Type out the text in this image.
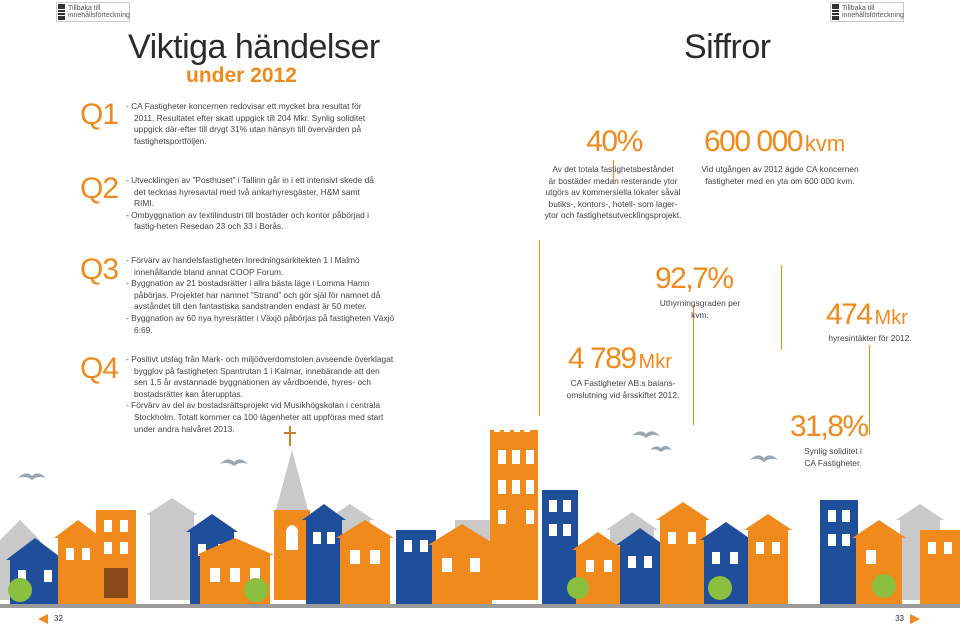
Tillbaka till
innehållsförteckning
Tillbaka till
innehållsförteckning
Viktiga händelser
under 2012
Q1 - CA Fastigheter koncernen redovisar ett mycket bra resultat för 2011. Resultatet efter skatt uppgick till 204 Mkr. Synlig soliditet uppgick där-efter till drygt 31% utan hänsyn till övervärden på fastighetsportföljen.
Q2 - Utvecklingen av ”Posthuset” i Tallinn går in i ett intensivt skede då det tecknas hyresavtal med två ankarhyresgäster, H&M samt RIMI.
- Ombyggnation av textilindustri till bostäder och kontor påbörjad i fastig-heten Resedan 23 och 33 i Borås.
Q3 - Förvärv av handelsfastigheten Inredningsarkitekten 1 i Malmö innehållande bland annat COOP Forum.
- Byggnation av 21 bostadsrätter i allra bästa läge i Lomma Hamn påbörjas. Projektet har namnet ”Strand” och gör själ för namnet då avståndet till den fantastiska sandstranden endast är 50 meter.
- Byggnation av 60 nya hyresrätter i Växjö påbörjas på fastigheten Växjö 6:69.
Q4 - Positivt utslag från Mark- och miljööverdomstolen avseende överklagat bygglov på fastigheten Spantrutan 1 i Kalmar, innebärande att den sen 1,5 år avstannade byggnationen av vårdboende, hyres- och bostadsrätter kan återupptas.
- Förvärv av del av bostadsrättsprojekt vid Musikhögskolan i centrala Stockholm. Totalt kommer ca 100 lägenheter att uppföras med start under andra halvåret 2013.
Siffror
40%
Av det totala fastighetsbeståndet
är bostäder medan resterande ytor
utgörs av kommersiella lokaler såväl
butiks-, kontors-, hotell- som lager-
ytor och fastighetsutvecklingsprojekt.
600 000 kvm
Vid utgången av 2012 ägde CA koncernen
fastigheter med en yta om 600 000 kvm.
92,7%
Uthyrningsgraden per kvm.	474 Mkr
hyresintäkter för 2012.
4 789 Mkr
CA Fastigheter AB:s balans-
omslutning vid årsskiftet 2012.
31,8%
Synlig soliditet i
CA Fastigheter.
32	33
